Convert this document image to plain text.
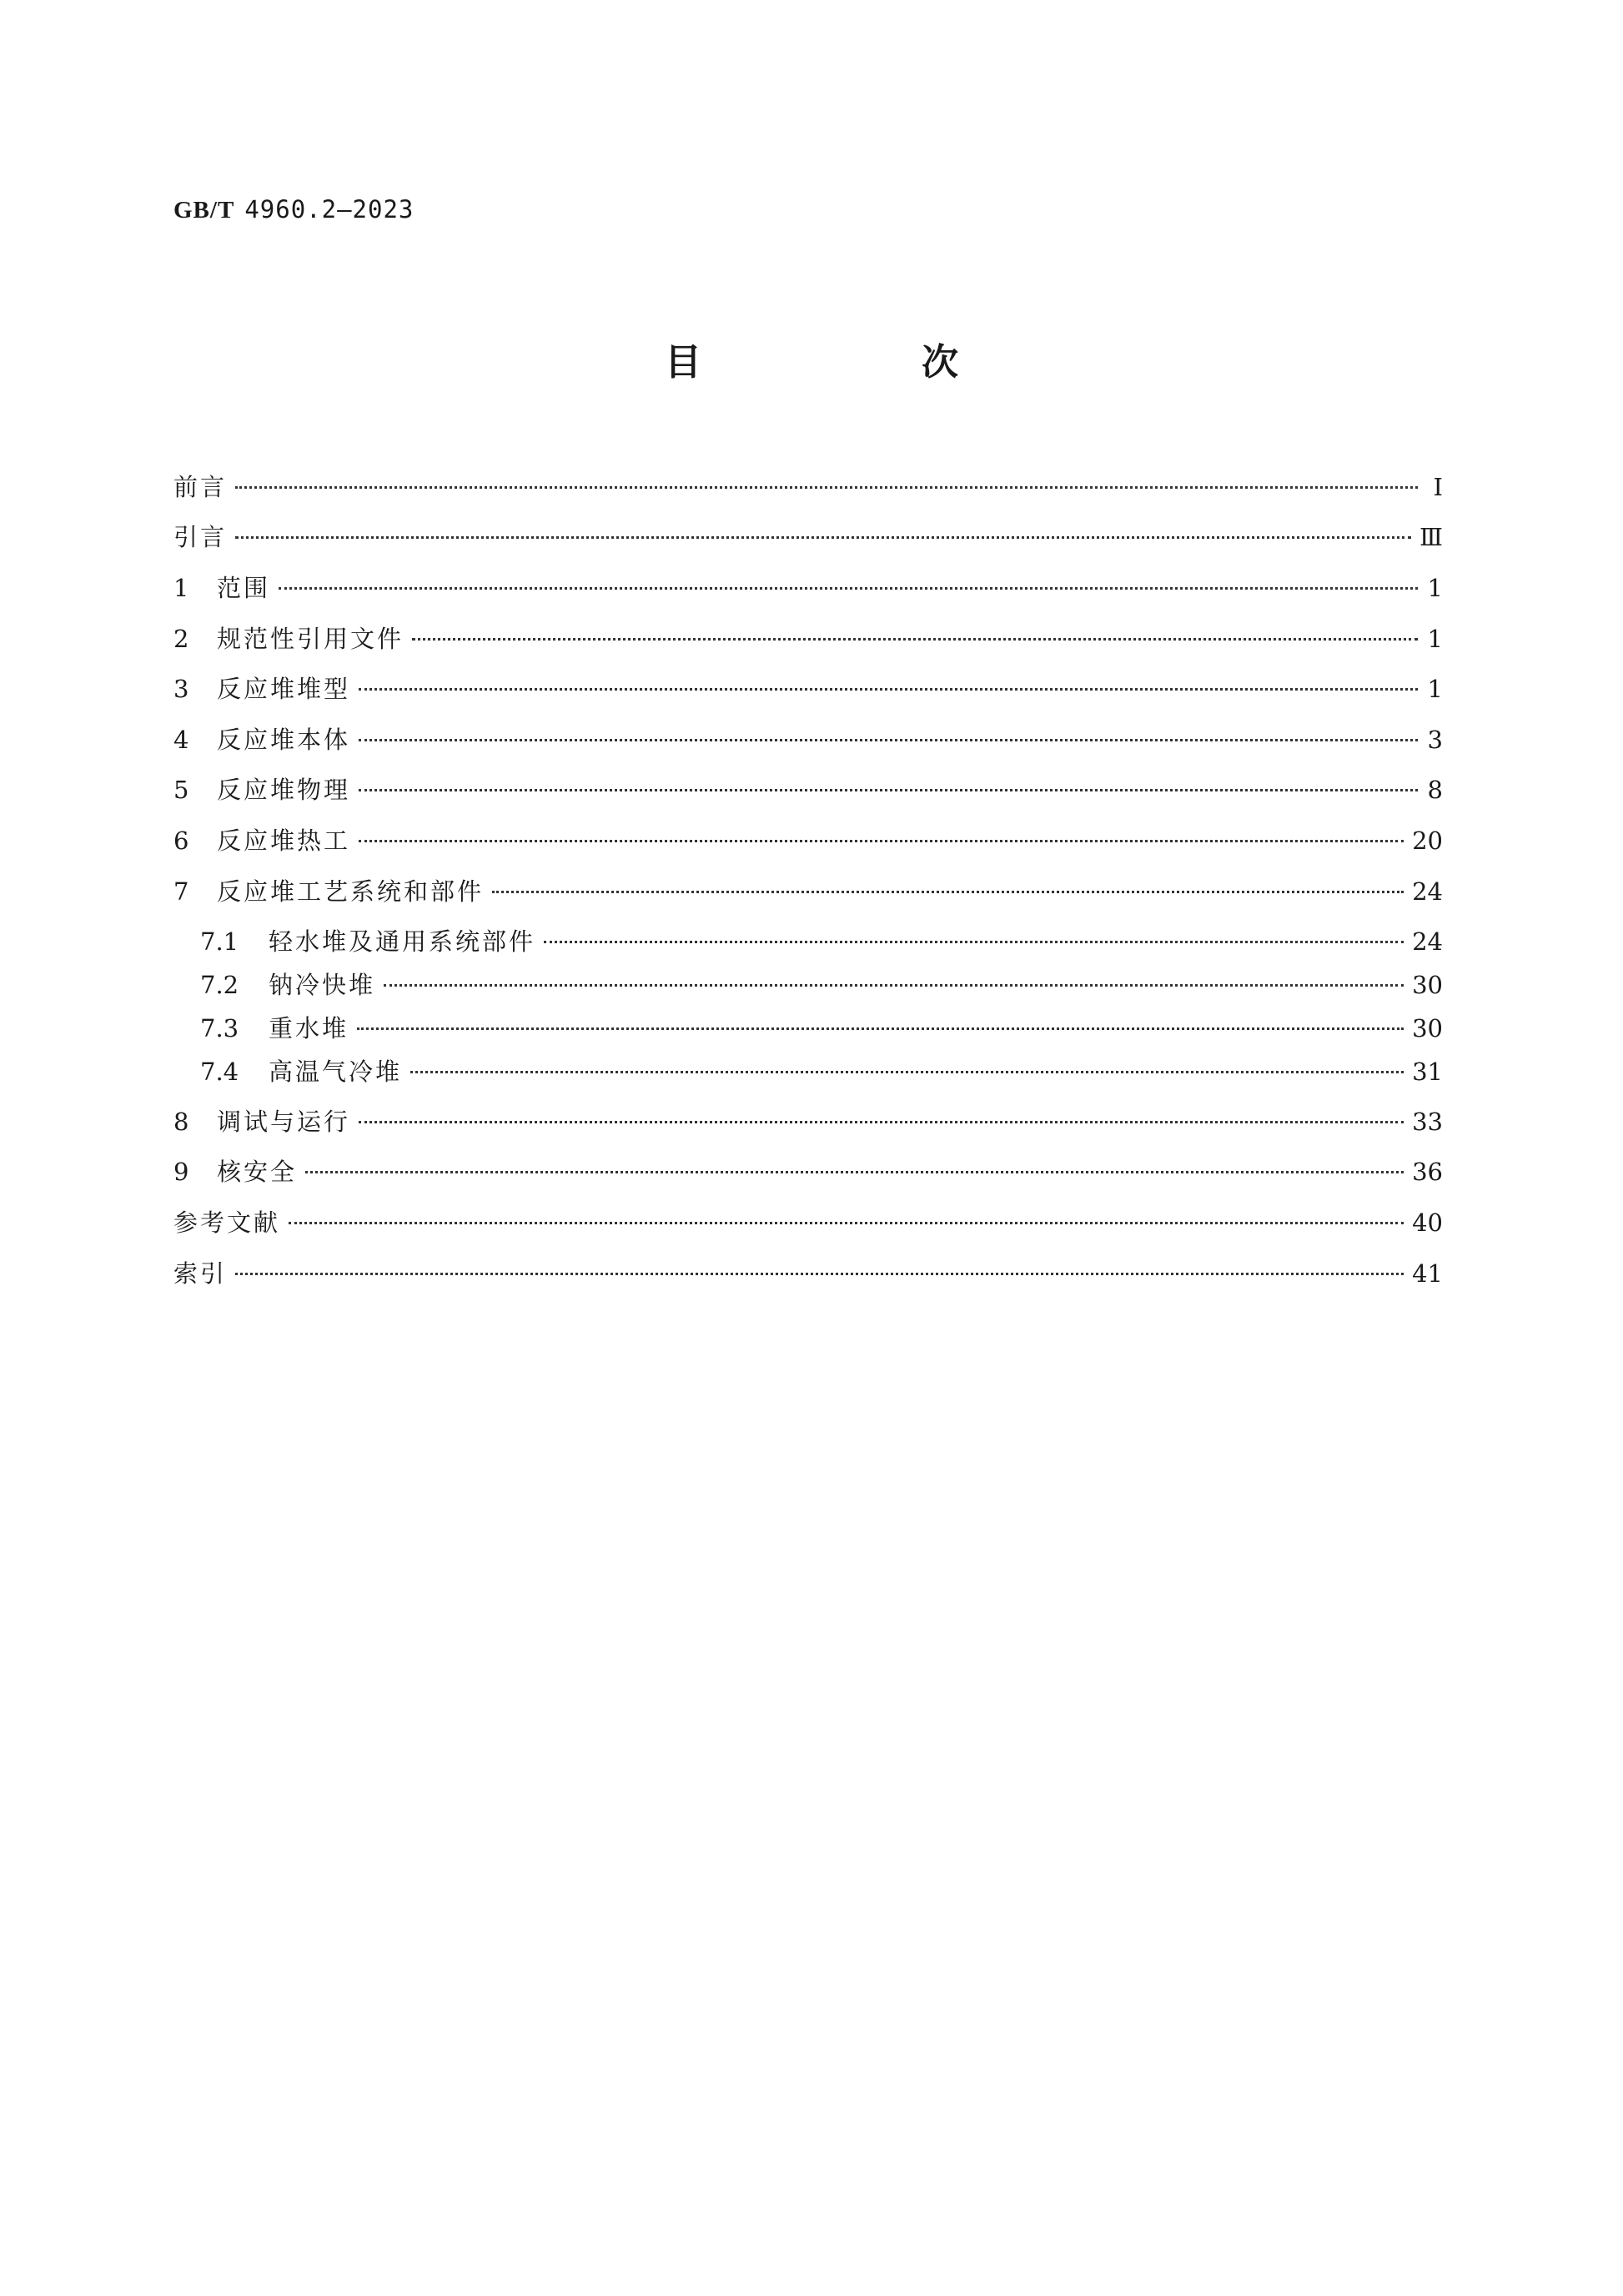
GB/T 4960.2—2023
目　次
前言	Ⅰ
引言	Ⅲ
1	范围	1
2	规范性引用文件	1
3	反应堆堆型	1
4	反应堆本体	3
5	反应堆物理	8
6	反应堆热工	20
7	反应堆工艺系统和部件	24
7.1	轻水堆及通用系统部件	24
7.2	钠冷快堆	30
7.3	重水堆	30
7.4	高温气冷堆	31
8	调试与运行	33
9	核安全	36
参考文献	40
索引	41
